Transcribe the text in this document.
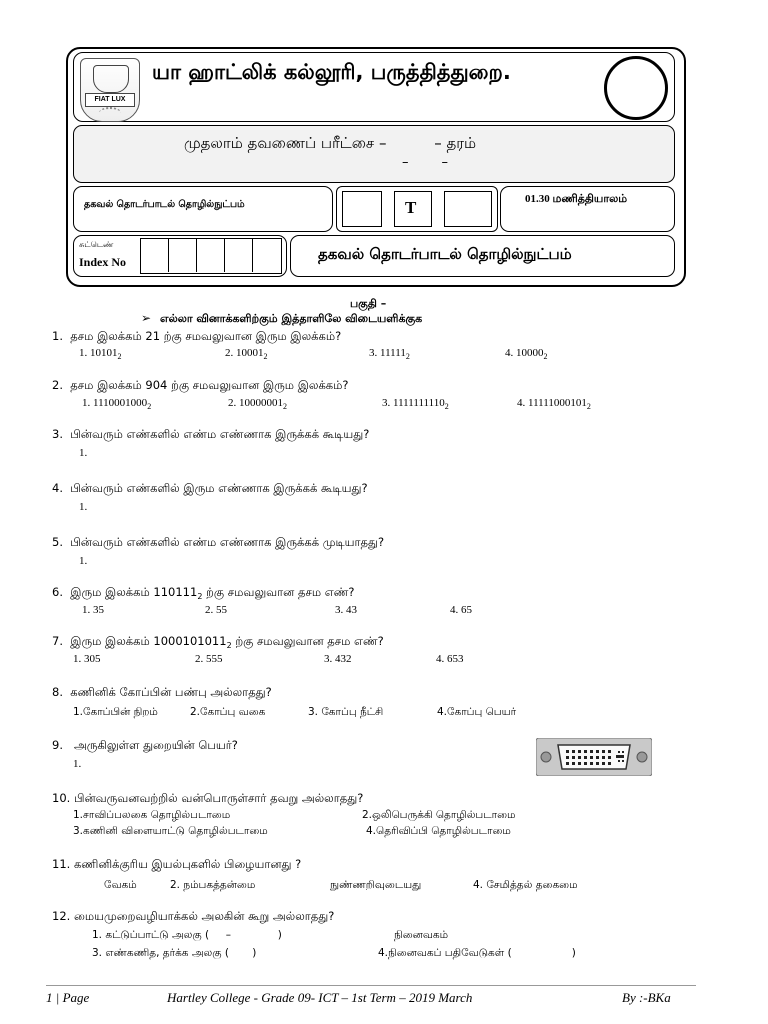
FIAT LUX
யா ஹாட்லிக் கல்லூரி, பருத்தித்துறை.
முதலாம் தவணைப் பரீட்சை –          – தரம்
–        –
தகவல் தொடர்பாடல் தொழில்நுட்பம்	T	01.30 மணித்தியாலம்
சுட்டெண்
Index No	தகவல் தொடர்பாடல் தொழில்நுட்பம்
பகுதி –
➢ எல்லா வினாக்களிற்கும் இத்தாளிலே விடையளிக்குக
1. தசம இலக்கம் 21 ற்கு சமவலுவான இரும இலக்கம்?
1. $10101_2$	2. $10001_2$	3. $11111_2$	4. $10000_2$
2. தசம இலக்கம் 904 ற்கு சமவலுவான இரும இலக்கம்?
1. $1110001000_2$	2. $10000001_2$	3. $1111111110_2$	4. $11111000101_2$
3. பின்வரும் எண்களில் எண்ம எண்ணாக இருக்கக் கூடியது?
1.
4. பின்வரும் எண்களில் இரும எண்ணாக இருக்கக் கூடியது?
1.
5. பின்வரும் எண்களில் எண்ம எண்ணாக இருக்கக் முடியாதது?
1.
6. இரும இலக்கம் $110111_2$ ற்கு சமவலுவான தசம எண்?
1. 35	2. 55	3. 43	4. 65
7. இரும இலக்கம் $1000101011_2$ ற்கு சமவலுவான தசம எண்?
1. 305	2. 555	3. 432	4. 653
8. கணினிக் கோப்பின் பண்பு அல்லாதது?
1.கோப்பின் நிறம்	2.கோப்பு வகை	3. கோப்பு நீட்சி	4.கோப்பு பெயர்
9. அருகிலுள்ள துறையின் பெயர்?
1.
10. பின்வருவனவற்றில் வன்பொருள்சார் தவறு அல்லாதது?
1.சாவிப்பலகை தொழில்படாமை	2.ஒலிபெருக்கி தொழில்படாமை
3.கணினி விளையாட்டு தொழில்படாமை	4.தெரிவிப்பி தொழில்படாமை
11. கணினிக்குரிய இயல்புகளில் பிழையானது ?
வேகம்	2. நம்பகத்தன்மை	நுண்ணறிவுடையது	4. சேமித்தல் தகைமை
12. மையமுறைவழியாக்கல் அலகின் கூறு அல்லாதது?
1. கட்டுப்பாட்டு அலகு (     –              )	நினைவகம்
3. எண்கணித, தர்க்க அலகு (       )	4.நினைவகப் பதிவேடுகள் (                  )
1 | Page	Hartley College - Grade 09- ICT – 1st Term – 2019 March	By :-BKa
